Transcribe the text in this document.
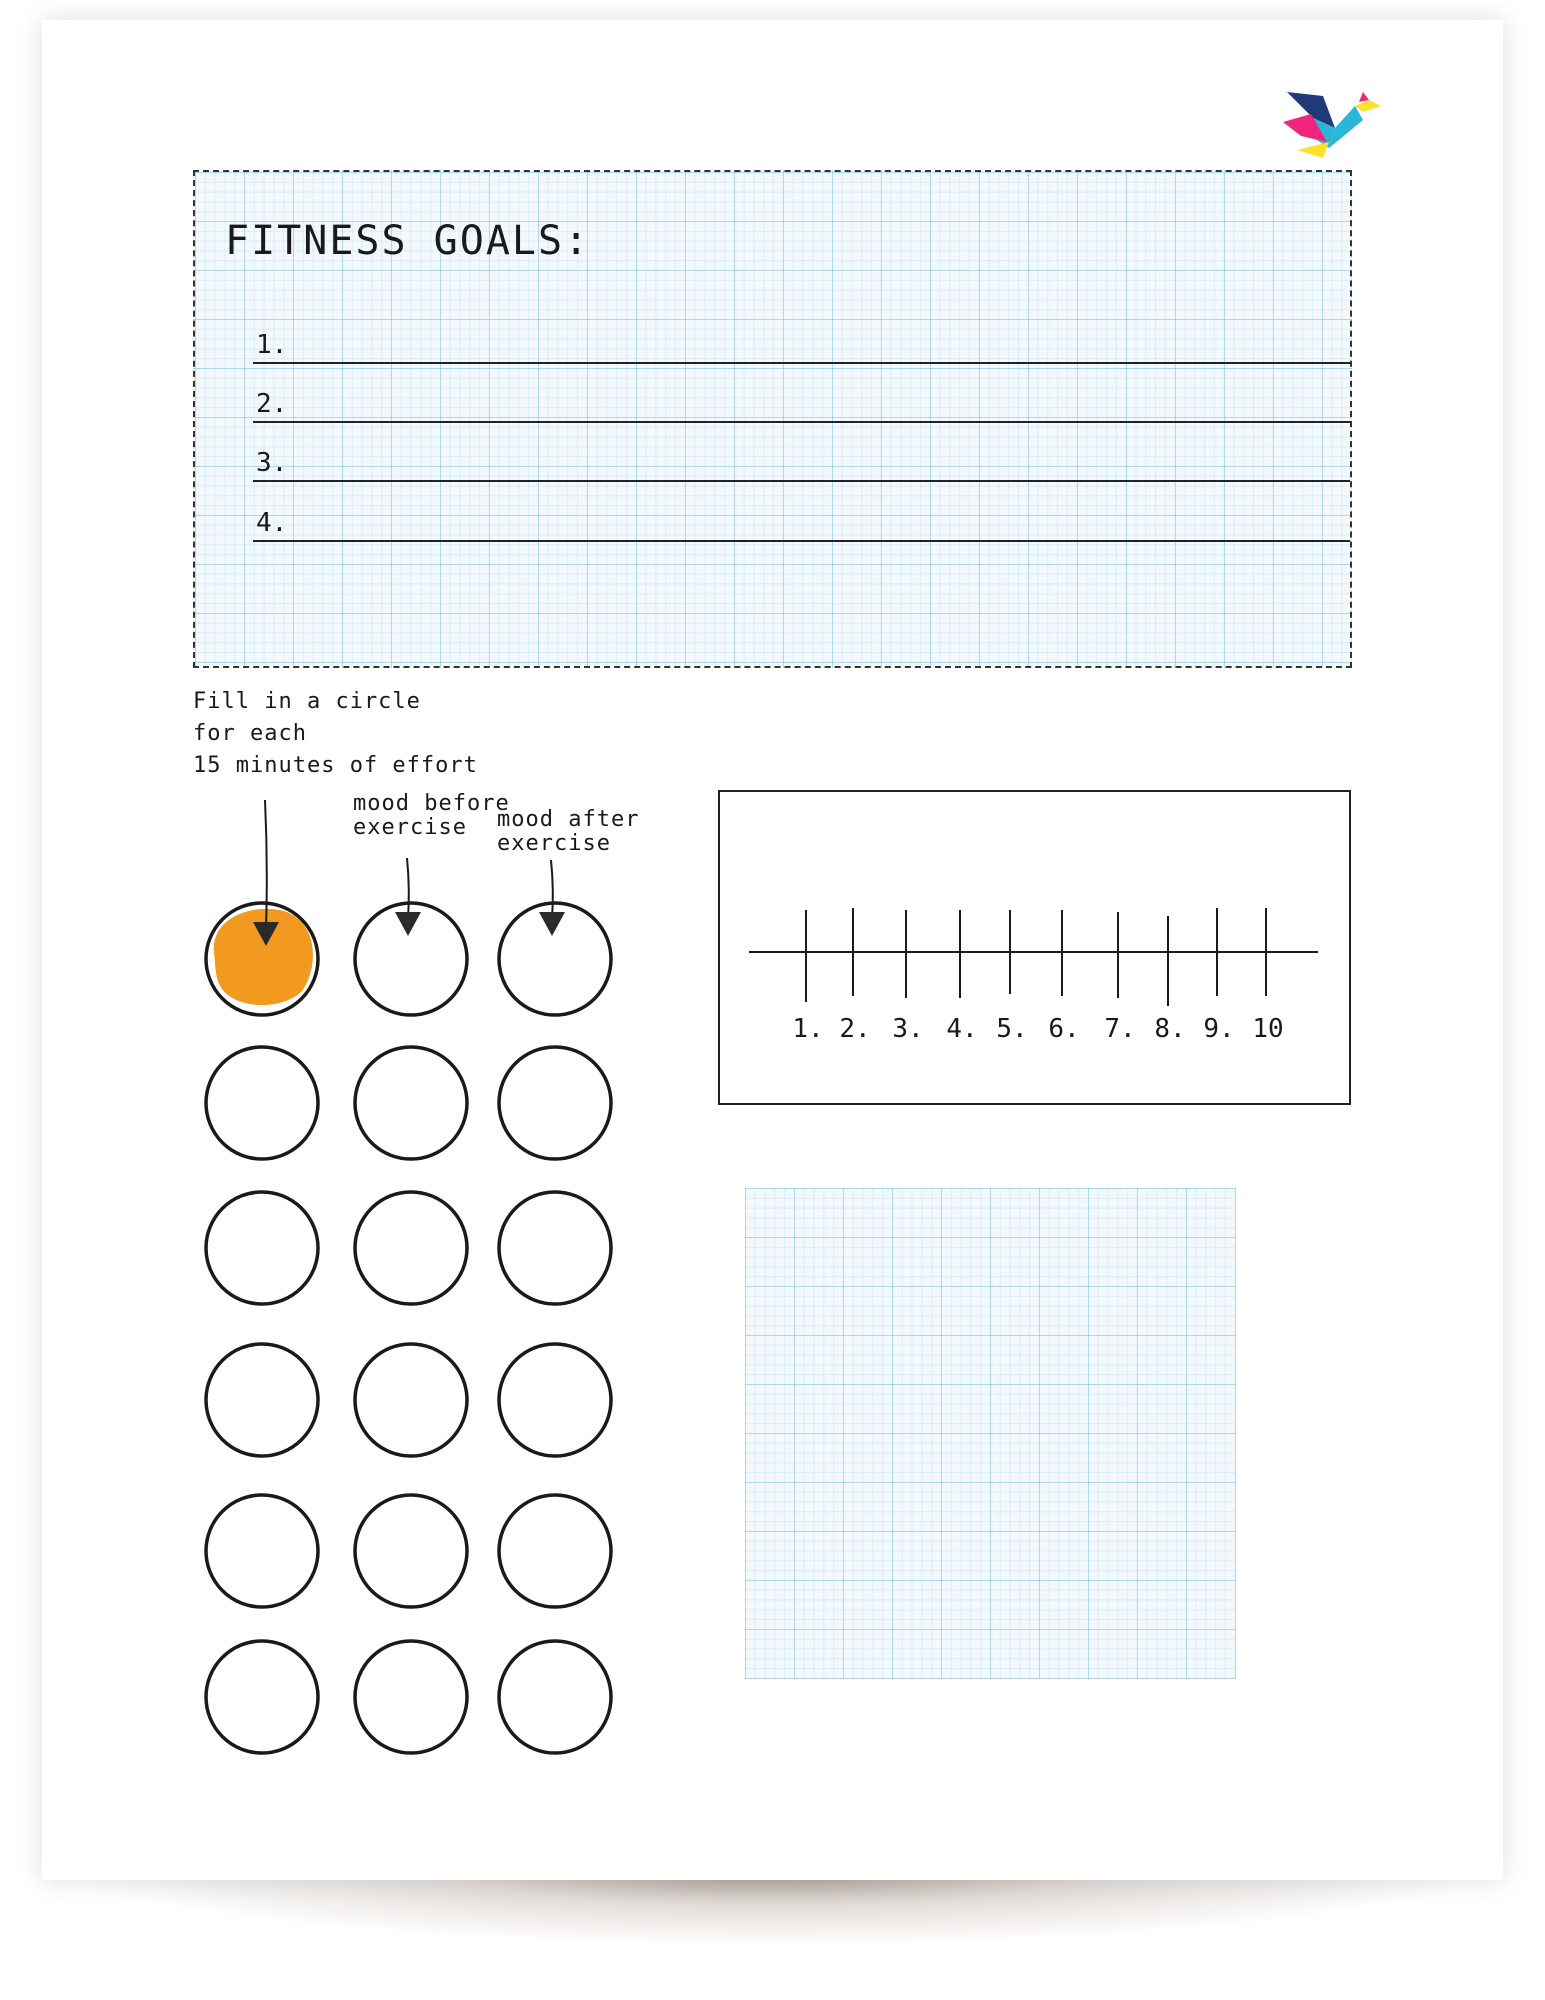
FITNESS GOALS:
1.
2.
3.
4.

Fill in a circle
for each
15 minutes of effort

mood before
exercise	mood after
exercise

1. 2. 3. 4. 5. 6. 7. 8. 9. 10
